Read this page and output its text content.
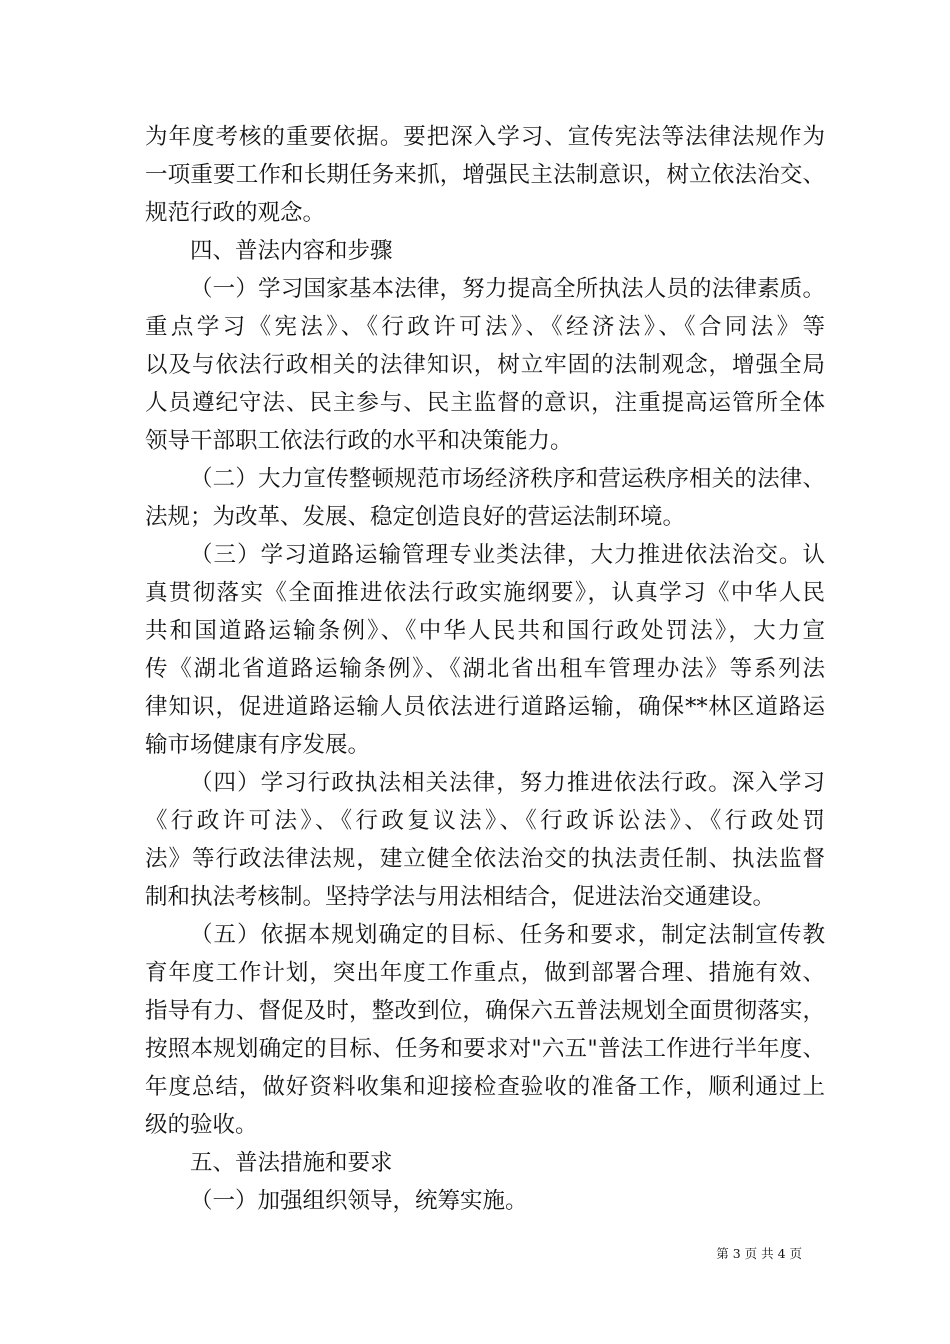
为年度考核的重要依据。要把深入学习、宣传宪法等法律法规作为
一项重要工作和长期任务来抓，增强民主法制意识，树立依法治交、
规范行政的观念。
四、普法内容和步骤
（一）学习国家基本法律，努力提高全所执法人员的法律素质。
重点学习《宪法》、《行政许可法》、《经济法》、《合同法》等
以及与依法行政相关的法律知识，树立牢固的法制观念，增强全局
人员遵纪守法、民主参与、民主监督的意识，注重提高运管所全体
领导干部职工依法行政的水平和决策能力。
（二）大力宣传整顿规范市场经济秩序和营运秩序相关的法律、
法规；为改革、发展、稳定创造良好的营运法制环境。
（三）学习道路运输管理专业类法律，大力推进依法治交。认
真贯彻落实《全面推进依法行政实施纲要》，认真学习《中华人民
共和国道路运输条例》、《中华人民共和国行政处罚法》，大力宣
传《湖北省道路运输条例》、《湖北省出租车管理办法》等系列法
律知识，促进道路运输人员依法进行道路运输，确保**林区道路运
输市场健康有序发展。
（四）学习行政执法相关法律，努力推进依法行政。深入学习
《行政许可法》、《行政复议法》、《行政诉讼法》、《行政处罚
法》等行政法律法规，建立健全依法治交的执法责任制、执法监督
制和执法考核制。坚持学法与用法相结合，促进法治交通建设。
（五）依据本规划确定的目标、任务和要求，制定法制宣传教
育年度工作计划，突出年度工作重点，做到部署合理、措施有效、
指导有力、督促及时，整改到位，确保六五普法规划全面贯彻落实，
按照本规划确定的目标、任务和要求对"六五"普法工作进行半年度、
年度总结，做好资料收集和迎接检查验收的准备工作，顺利通过上
级的验收。
五、普法措施和要求
（一）加强组织领导，统筹实施。
第 3 页 共 4 页
